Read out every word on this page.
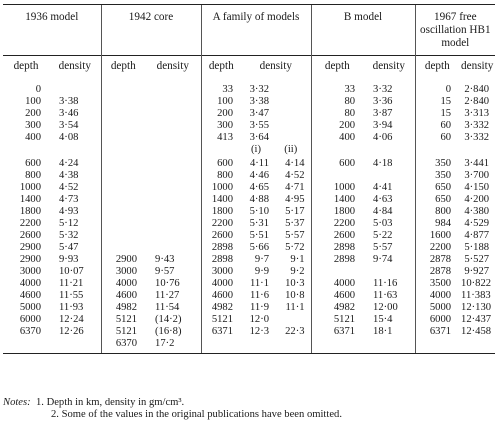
1936 model		1942 core		A family of models			B model		1967 free oscillation HB1 model	
depth	density	depth	density	depth	density		depth	density	depth	density
0				33	3·32		33	3·32	0	2·840
100	3·38			100	3·38		80	3·36	15	2·840
200	3·46			200	3·47		80	3·87	15	3·313
300	3·54			300	3·55		200	3·94	60	3·332
400	4·08			413	3·64		400	4·06	60	3·332
					(i)	(ii)				
600	4·24			600	4·11	4·14	600	4·18	350	3·441
800	4·38			800	4·46	4·52			350	3·700
1000	4·52			1000	4·65	4·71	1000	4·41	650	4·150
1400	4·73			1400	4·88	4·95	1400	4·63	650	4·200
1800	4·93			1800	5·10	5·17	1800	4·84	800	4·380
2200	5·12			2200	5·31	5·37	2200	5·03	984	4·529
2600	5·32			2600	5·51	5·57	2600	5·22	1600	4·877
2900	5·47			2898	5·66	5·72	2898	5·57	2200	5·188
2900	9·93	2900	9·43	2898	9·7	9·1	2898	9·74	2878	5·527
3000	10·07	3000	9·57	3000	9·9	9·2			2878	9·927
4000	11·21	4000	10·76	4000	11·1	10·3	4000	11·16	3500	10·822
4600	11·55	4600	11·27	4600	11·6	10·8	4600	11·63	4000	11·383
5000	11·93	4982	11·54	4982	11·9	11·1	4982	12·00	5000	12·130
6000	12·24	5121	(14·2)	5121	12·0		5121	15·4	6000	12·437
6370	12·26	5121	(16·8)	6371	12·3	22·3	6371	18·1	6371	12·458
		6370	17·2							
Notes: 1. Depth in km, density in gm/cm³.
2. Some of the values in the original publications have been omitted.
